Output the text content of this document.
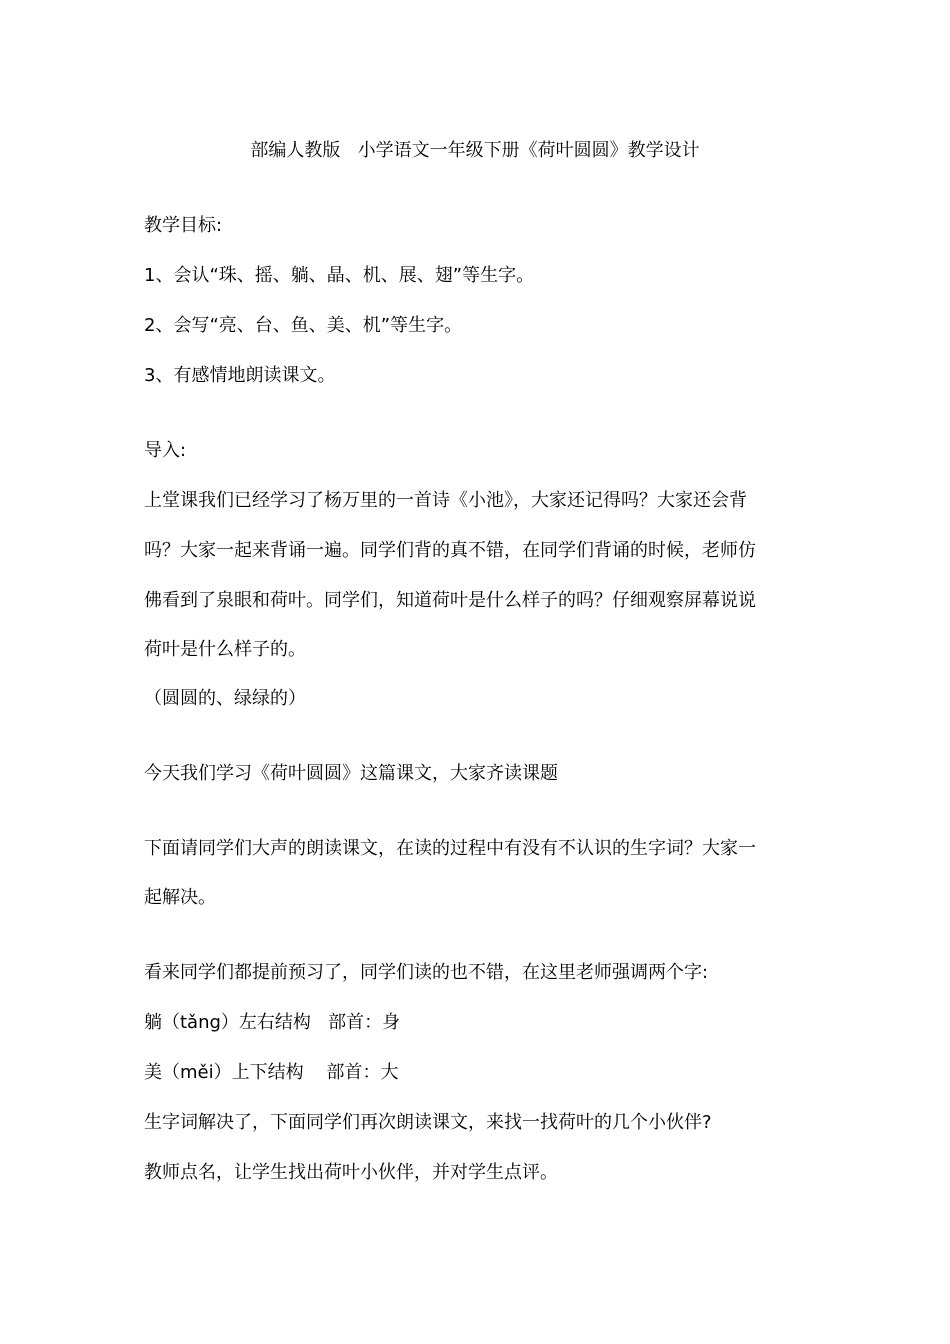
部编人教版   小学语文一年级下册《荷叶圆圆》教学设计
教学目标:
1、会认“珠、摇、躺、晶、机、展、翅”等生字。
2、会写“亮、台、鱼、美、机”等生字。
3、有感情地朗读课文。
导入:
上堂课我们已经学习了杨万里的一首诗《小池》，大家还记得吗？大家还会背
吗？大家一起来背诵一遍。同学们背的真不错，在同学们背诵的时候，老师仿
佛看到了泉眼和荷叶。同学们，知道荷叶是什么样子的吗？仔细观察屏幕说说
荷叶是什么样子的。
（圆圆的、绿绿的）
今天我们学习《荷叶圆圆》这篇课文，大家齐读课题
下面请同学们大声的朗读课文，在读的过程中有没有不认识的生字词？大家一
起解决。
看来同学们都提前预习了，同学们读的也不错，在这里老师强调两个字:
躺（tǎng）左右结构   部首：身
美（měi）上下结构    部首：大
生字词解决了，下面同学们再次朗读课文，来找一找荷叶的几个小伙伴?
教师点名，让学生找出荷叶小伙伴，并对学生点评。
